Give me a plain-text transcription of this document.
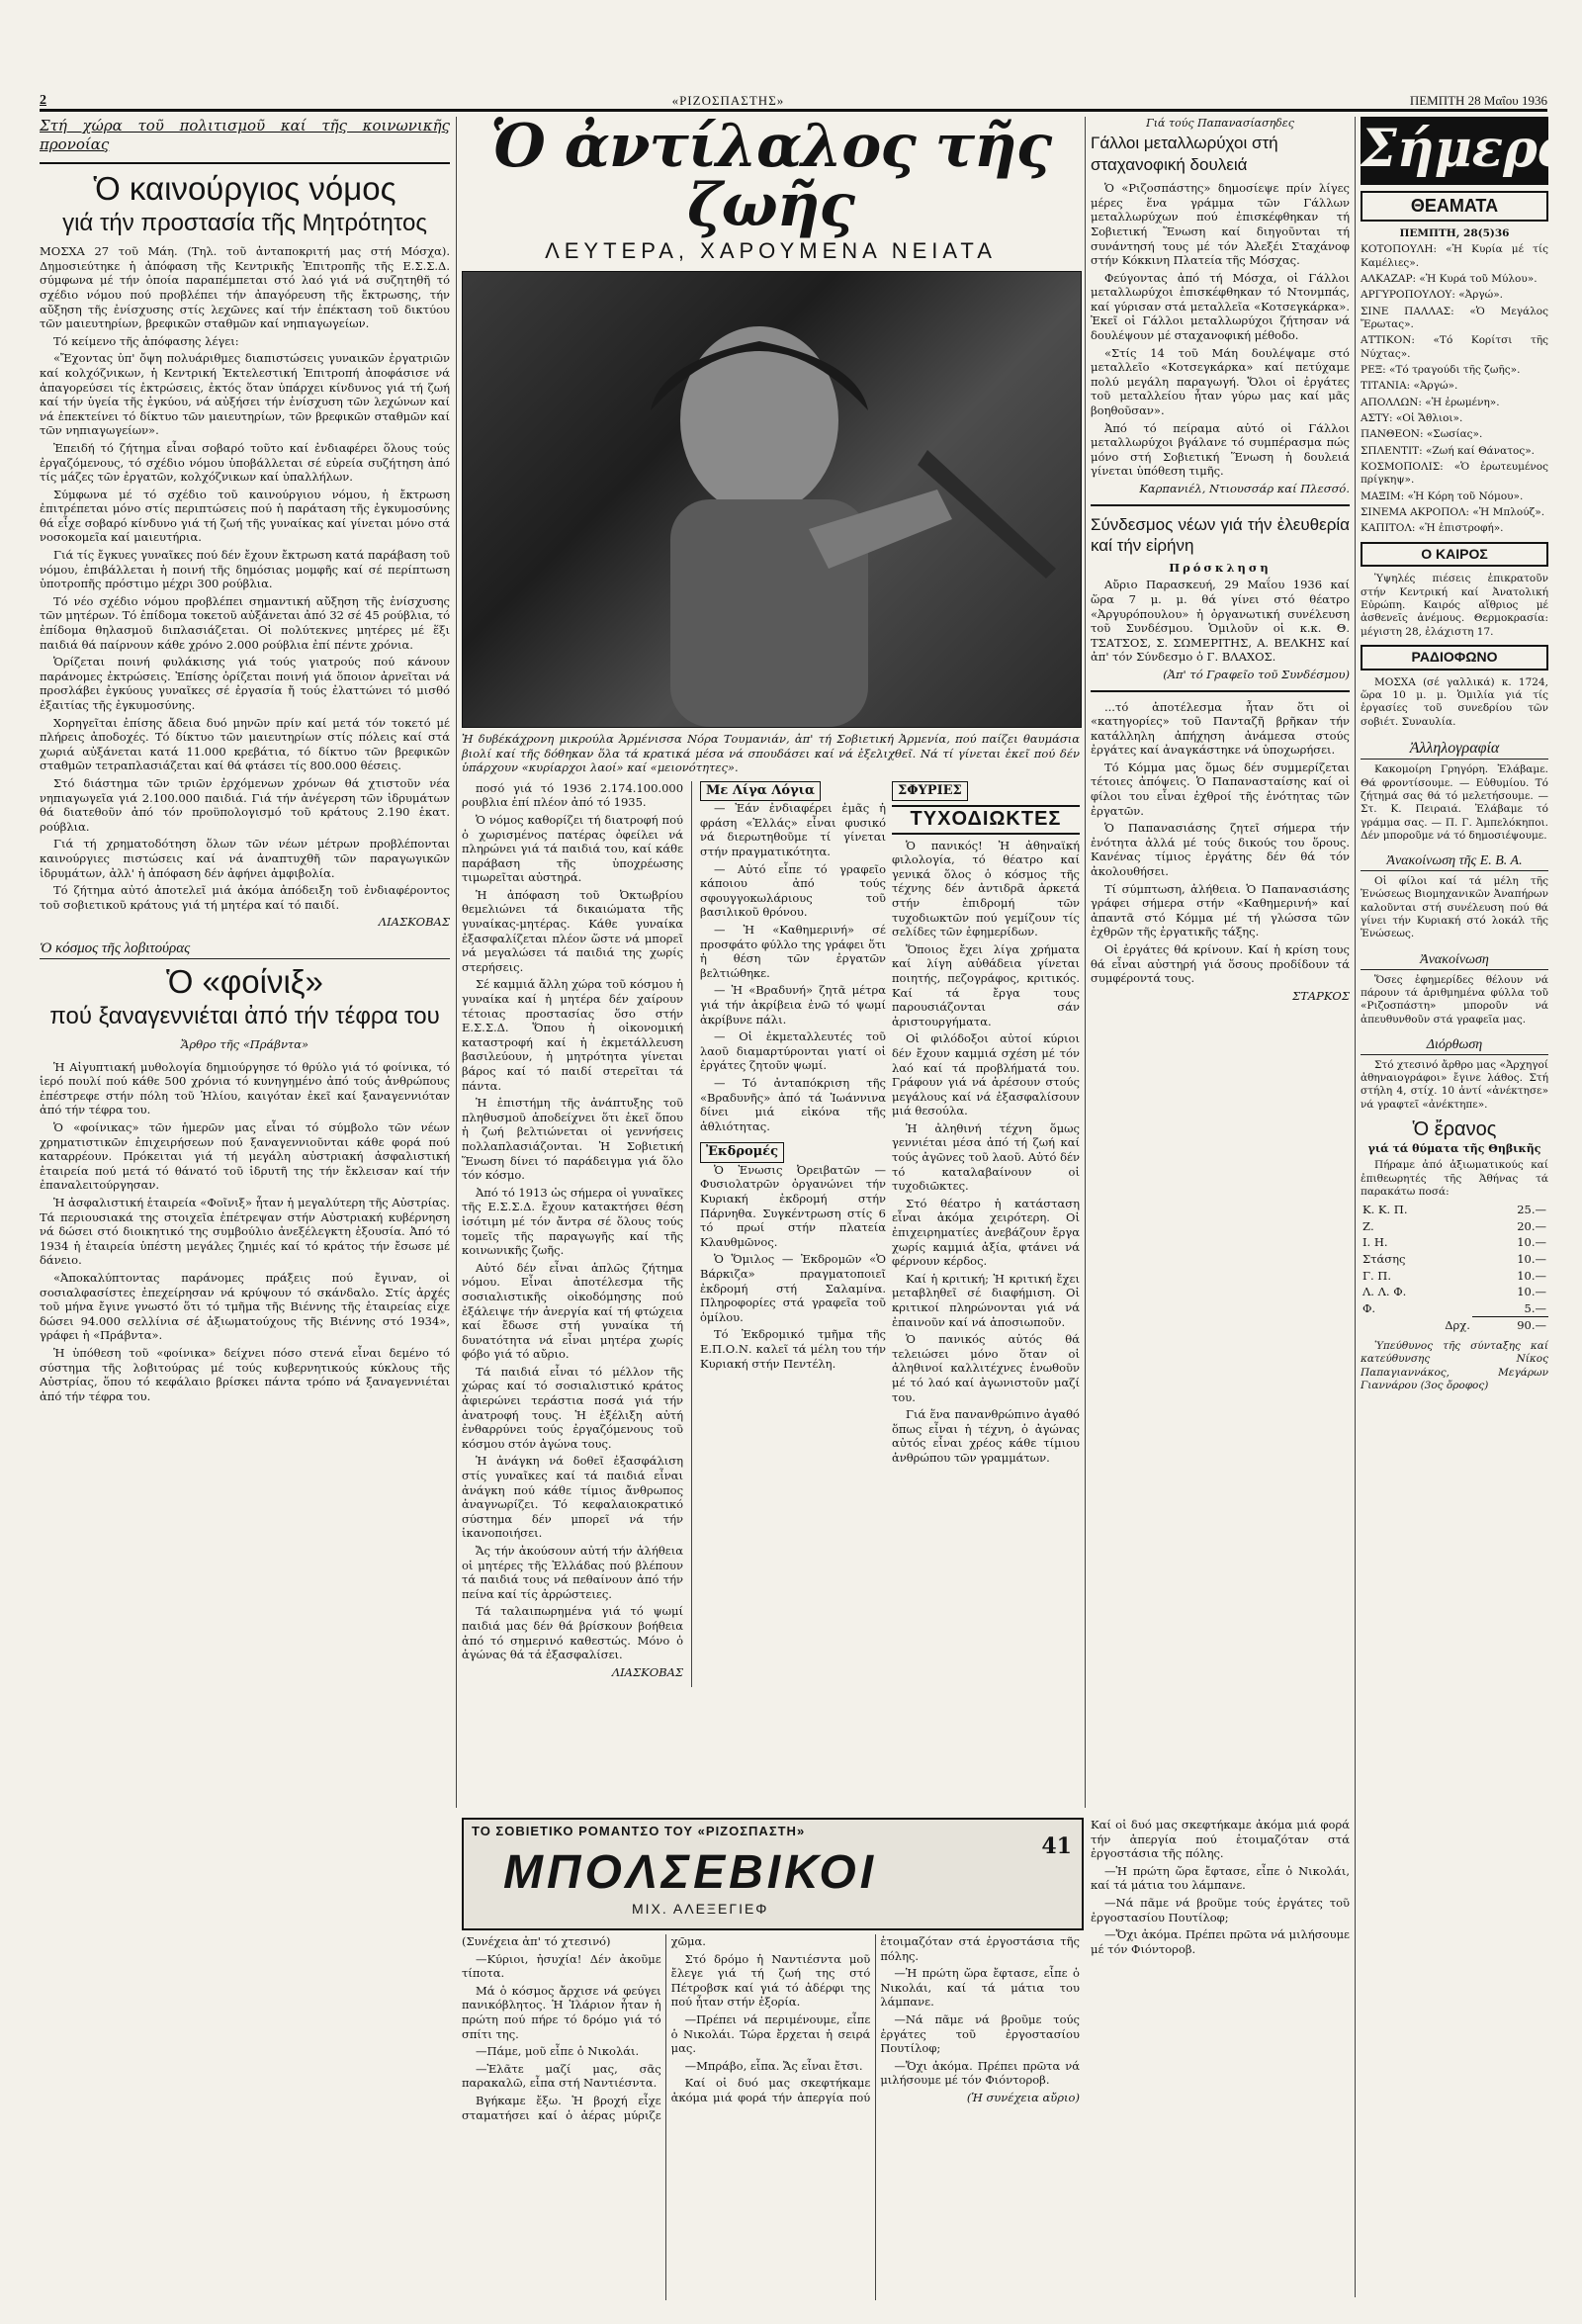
2	«ΡΙΖΟΣΠΑΣΤΗΣ»	ΠΕΜΠΤΗ 28 Μαΐου 1936
Στή χώρα τοῦ πολιτισμοῦ καί τῆς κοινωνικῆς προνοίας
Ὁ καινούργιος νόμος
γιά τήν προστασία τῆς Μητρότητος

ΜΟΣΧΑ 27 τοῦ Μάη. (Τηλ. τοῦ ἀνταποκριτή μας στή Μόσχα). Δημοσιεύτηκε ἡ ἀπόφαση τῆς Κεντρικῆς Ἐπιτροπῆς τῆς Ε.Σ.Σ.Δ. σύμφωνα μέ τήν ὁποία παραπέμπεται στό λαό γιά νά συζητηθῆ τό σχέδιο νόμου πού προβλέπει τήν ἀπαγόρευση τῆς ἔκτρωσης, τήν αὔξηση τῆς ἐνίσχυσης στίς λεχῶνες καί τήν ἐπέκταση τοῦ δικτύου τῶν μαιευτηρίων, βρεφικῶν σταθμῶν καί νηπιαγωγείων.

Τό κείμενο τῆς ἀπόφασης λέγει:

«Ἔχοντας ὑπ' ὄψη πολυάριθμες διαπιστώσεις γυναικῶν ἐργατριῶν καί κολχόζνικων, ἡ Κεντρική Ἐκτελεστική Ἐπιτροπή ἀποφάσισε νά ἀπαγορεύσει τίς ἐκτρώσεις, ἐκτός ὅταν ὑπάρχει κίνδυνος γιά τή ζωή καί τήν ὑγεία τῆς ἐγκύου, νά αὐξήσει τήν ἐνίσχυση τῶν λεχώνων καί νά ἐπεκτείνει τό δίκτυο τῶν μαιευτηρίων, τῶν βρεφικῶν σταθμῶν καί τῶν νηπιαγωγείων».

Ἐπειδή τό ζήτημα εἶναι σοβαρό τοῦτο καί ἐνδιαφέρει ὅλους τούς ἐργαζόμενους, τό σχέδιο νόμου ὑποβάλλεται σέ εὐρεία συζήτηση ἀπό τίς μάζες τῶν ἐργατῶν, κολχόζνικων καί ὑπαλλήλων.

Σύμφωνα μέ τό σχέδιο τοῦ καινούργιου νόμου, ἡ ἔκτρωση ἐπιτρέπεται μόνο στίς περιπτώσεις πού ἡ παράταση τῆς ἐγκυμοσύνης θά εἶχε σοβαρό κίνδυνο γιά τή ζωή τῆς γυναίκας καί γίνεται μόνο στά νοσοκομεῖα καί μαιευτήρια.

Γιά τίς ἔγκυες γυναῖκες πού δέν ἔχουν ἔκτρωση κατά παράβαση τοῦ νόμου, ἐπιβάλλεται ἡ ποινή τῆς δημόσιας μομφῆς καί σέ περίπτωση ὑποτροπῆς πρόστιμο μέχρι 300 ρούβλια.

Τό νέο σχέδιο νόμου προβλέπει σημαντική αὔξηση τῆς ἐνίσχυσης τῶν μητέρων. Τό ἐπίδομα τοκετοῦ αὐξάνεται ἀπό 32 σέ 45 ρούβλια, τό ἐπίδομα θηλασμοῦ διπλασιάζεται. Οἱ πολύτεκνες μητέρες μέ ἕξι παιδιά θά παίρνουν κάθε χρόνο 2.000 ρούβλια ἐπί πέντε χρόνια.

Ὁρίζεται ποινή φυλάκισης γιά τούς γιατρούς πού κάνουν παράνομες ἐκτρώσεις. Ἐπίσης ὁρίζεται ποινή γιά ὅποιον ἀρνεῖται νά προσλάβει ἐγκύους γυναῖκες σέ ἐργασία ἤ τούς ἐλαττώνει τό μισθό ἐξαιτίας τῆς ἐγκυμοσύνης.

Χορηγεῖται ἐπίσης ἄδεια δυό μηνῶν πρίν καί μετά τόν τοκετό μέ πλήρεις ἀποδοχές. Τό δίκτυο τῶν μαιευτηρίων στίς πόλεις καί στά χωριά αὐξάνεται κατά 11.000 κρεβάτια, τό δίκτυο τῶν βρεφικῶν σταθμῶν τετραπλασιάζεται καί θά φτάσει τίς 800.000 θέσεις.

Στό διάστημα τῶν τριῶν ἐρχόμενων χρόνων θά χτιστοῦν νέα νηπιαγωγεῖα γιά 2.100.000 παιδιά. Γιά τήν ἀνέγερση τῶν ἱδρυμάτων θά διατεθοῦν ἀπό τόν προϋπολογισμό τοῦ κράτους 2.190 ἑκατ. ρούβλια.

Γιά τή χρηματοδότηση ὅλων τῶν νέων μέτρων προβλέπονται καινούργιες πιστώσεις καί νά ἀναπτυχθῆ τῶν παραγωγικῶν ἱδρυμάτων, ἀλλ' ἡ ἀπόφαση δέν ἀφήνει ἀμφιβολία.

Τό ζήτημα αὐτό ἀποτελεῖ μιά ἀκόμα ἀπόδειξη τοῦ ἐνδιαφέροντος τοῦ σοβιετικοῦ κράτους γιά τή μητέρα καί τό παιδί.

ΛΙΑΣΚΟΒΑΣ
Ὁ κόσμος τῆς λοβιτούρας
Ὁ «φοίνιξ»
πού ξαναγεννιέται ἀπό τήν τέφρα του
Ἄρθρο τῆς «Πράβντα»

Ἡ Αἰγυπτιακή μυθολογία δημιούργησε τό θρύλο γιά τό φοίνικα, τό ἱερό πουλί πού κάθε 500 χρόνια τό κυνηγημένο ἀπό τούς ἀνθρώπους ἐπέστρεφε στήν πόλη τοῦ Ἡλίου, καιγόταν ἐκεῖ καί ξαναγεννιόταν ἀπό τήν τέφρα του.

Ὁ «φοίνικας» τῶν ἡμερῶν μας εἶναι τό σύμβολο τῶν νέων χρηματιστικῶν ἐπιχειρήσεων πού ξαναγεννιοῦνται κάθε φορά πού καταρρέουν. Πρόκειται γιά τή μεγάλη αὐστριακή ἀσφαλιστική ἑταιρεία πού μετά τό θάνατό τοῦ ἱδρυτῆ της τήν ἔκλεισαν καί τήν ἐπαναλειτούργησαν.

Ἡ ἀσφαλιστική ἑταιρεία «Φοῖνιξ» ἦταν ἡ μεγαλύτερη τῆς Αὐστρίας. Τά περιουσιακά της στοιχεῖα ἐπέτρεψαν στήν Αὐστριακή κυβέρνηση νά δώσει στό διοικητικό της συμβούλιο ἀνεξέλεγκτη ἐξουσία. Ἀπό τό 1934 ἡ ἑταιρεία ὑπέστη μεγάλες ζημιές καί τό κράτος τήν ἔσωσε μέ δάνειο.

«Ἀποκαλύπτοντας παράνομες πράξεις πού ἔγιναν, οἱ σοσιαλφασίστες ἐπεχείρησαν νά κρύψουν τό σκάνδαλο. Στίς ἀρχές τοῦ μήνα ἔγινε γνωστό ὅτι τό τμῆμα τῆς Βιέννης τῆς ἑταιρείας εἶχε δώσει 94.000 σελλίνια σέ ἀξιωματούχους τῆς Βιέννης στό 1934», γράφει ἡ «Πράβντα».

Ἡ ὑπόθεση τοῦ «φοίνικα» δείχνει πόσο στενά εἶναι δεμένο τό σύστημα τῆς λοβιτούρας μέ τούς κυβερνητικούς κύκλους τῆς Αὐστρίας, ὅπου τό κεφάλαιο βρίσκει πάντα τρόπο νά ξαναγεννιέται ἀπό τήν τέφρα του.

Ὁ ἀντίλαλος τῆς ζωῆς
ΛΕΥΤΕΡΑ, ΧΑΡΟΥΜΕΝΑ ΝΕΙΑΤΑ
Ἡ δυβέκάχρονη μικρούλα Ἀρμένισσα Νόρα Τουμανιάν, ἀπ' τή Σοβιετική Ἀρμενία, πού παίζει θαυμάσια βιολί καί τῆς δόθηκαν ὅλα τά κρατικά μέσα νά σπουδάσει καί νά ἐξελιχθεῖ. Νά τί γίνεται ἐκεῖ πού δέν ὑπάρχουν «κυρίαρχοι λαοί» καί «μειονότητες».

ποσό γιά τό 1936 2.174.100.000 ρουβλια ἐπί πλέον ἀπό τό 1935.

Ὁ νόμος καθορίζει τή διατροφή πού ὀ χωρισμένος πατέρας ὀφείλει νά πληρώνει γιά τά παιδιά του, καί κάθε παράβαση τῆς ὑποχρέωσης τιμωρεῖται αὐστηρά.

Ἡ ἀπόφαση τοῦ Ὀκτωβρίου θεμελιώνει τά δικαιώματα τῆς γυναίκας-μητέρας. Κάθε γυναίκα ἐξασφαλίζεται πλέον ὥστε νά μπορεῖ νά μεγαλώσει τά παιδιά της χωρίς στερήσεις.

Σέ καμμιά ἄλλη χώρα τοῦ κόσμου ἡ γυναίκα καί ἡ μητέρα δέν χαίρουν τέτοιας προστασίας ὅσο στήν Ε.Σ.Σ.Δ. Ὅπου ἡ οἰκονομική καταστροφή καί ἡ ἐκμετάλλευση βασιλεύουν, ἡ μητρότητα γίνεται βάρος καί τό παιδί στερεῖται τά πάντα.

Ἡ ἐπιστήμη τῆς ἀνάπτυξης τοῦ πληθυσμοῦ ἀποδείχνει ὅτι ἐκεῖ ὅπου ἡ ζωή βελτιώνεται οἱ γεννήσεις πολλαπλασιάζονται. Ἡ Σοβιετική Ἕνωση δίνει τό παράδειγμα γιά ὅλο τόν κόσμο.

Ἀπό τό 1913 ὡς σήμερα οἱ γυναῖκες τῆς Ε.Σ.Σ.Δ. ἔχουν κατακτήσει θέση ἰσότιμη μέ τόν ἄντρα σέ ὅλους τούς τομεῖς τῆς παραγωγῆς καί τῆς κοινωνικῆς ζωῆς.

Αὐτό δέν εἶναι ἁπλῶς ζήτημα νόμου. Εἶναι ἀποτέλεσμα τῆς σοσιαλιστικῆς οἰκοδόμησης πού ἐξάλειψε τήν ἀνεργία καί τή φτώχεια καί ἔδωσε στή γυναίκα τή δυνατότητα νά εἶναι μητέρα χωρίς φόβο γιά τό αὔριο.

Τά παιδιά εἶναι τό μέλλον τῆς χώρας καί τό σοσιαλιστικό κράτος ἀφιερώνει τεράστια ποσά γιά τήν ἀνατροφή τους. Ἡ ἐξέλιξη αὐτή ἐνθαρρύνει τούς ἐργαζόμενους τοῦ κόσμου στόν ἀγώνα τους.

Ἡ ἀνάγκη νά δοθεῖ ἐξασφάλιση στίς γυναῖκες καί τά παιδιά εἶναι ἀνάγκη πού κάθε τίμιος ἄνθρωπος ἀναγνωρίζει. Τό κεφαλαιοκρατικό σύστημα δέν μπορεῖ νά τήν ἱκανοποιήσει.

Ἄς τήν ἀκούσουν αὐτή τήν ἀλήθεια οἱ μητέρες τῆς Ἑλλάδας πού βλέπουν τά παιδιά τους νά πεθαίνουν ἀπό τήν πείνα καί τίς ἀρρώστειες.

Τά ταλαιπωρημένα γιά τό ψωμί παιδιά μας δέν θά βρίσκουν βοήθεια ἀπό τό σημερινό καθεστώς. Μόνο ὁ ἀγώνας θά τά ἐξασφαλίσει.

ΛΙΑΣΚΟΒΑΣ
Με Λίγα Λόγια

— Ἐάν ἐνδιαφέρει ἐμᾶς ἡ φράση «Ἑλλάς» εἶναι φυσικό νά διερωτηθοῦμε τί γίνεται στήν πραγματικότητα.

— Αὐτό εἶπε τό γραφεῖο κάποιου ἀπό τούς σφουγγοκωλάριους τοῦ βασιλικοῦ θρόνου.

— Ἡ «Καθημερινή» σέ προσφάτο φύλλο της γράφει ὅτι ἡ θέση τῶν ἐργατῶν βελτιώθηκε.

— Ἡ «Βραδυνή» ζητᾶ μέτρα γιά τήν ἀκρίβεια ἐνῶ τό ψωμί ἀκρίβυνε πάλι.

— Οἱ ἐκμεταλλευτές τοῦ λαοῦ διαμαρτύρονται γιατί οἱ ἐργάτες ζητοῦν ψωμί.

— Τό ἀνταπόκριση τῆς «Βραδυνῆς» ἀπό τά Ἰωάννινα δίνει μιά εἰκόνα τῆς ἀθλιότητας.

Ἐκδρομές

Ὁ Ἑνωσις Ὀρειβατῶν — Φυσιολατρῶν ὀργανώνει τήν Κυριακή ἐκδρομή στήν Πάρνηθα. Συγκέντρωση στίς 6 τό πρωί στήν πλατεία Κλαυθμῶνος.

Ὁ Ὅμιλος — Ἐκδρομῶν «Ὁ Βάρκιζα» πραγματοποιεῖ ἐκδρομή στή Σαλαμίνα. Πληροφορίες στά γραφεῖα τοῦ ὁμίλου.

Τό Ἐκδρομικό τμῆμα τῆς Ε.Π.Ο.Ν. καλεῖ τά μέλη του τήν Κυριακή στήν Πεντέλη.

ΣΦΥΡΙΕΣ
ΤΥΧΟΔΙΩΚΤΕΣ

Ὁ πανικός! Ἡ ἀθηναϊκή φιλολογία, τό θέατρο καί γενικά ὅλος ὁ κόσμος τῆς τέχνης δέν ἀντιδρᾶ ἀρκετά στήν ἐπιδρομή τῶν τυχοδιωκτῶν πού γεμίζουν τίς σελίδες τῶν ἐφημερίδων.

Ὅποιος ἔχει λίγα χρήματα καί λίγη αὐθάδεια γίνεται ποιητής, πεζογράφος, κριτικός. Καί τά ἔργα τους παρουσιάζονται σάν ἀριστουργήματα.

Οἱ φιλόδοξοι αὐτοί κύριοι δέν ἔχουν καμμιά σχέση μέ τόν λαό καί τά προβλήματά του. Γράφουν γιά νά ἀρέσουν στούς μεγάλους καί νά ἐξασφαλίσουν μιά θεσούλα.

Ἡ ἀληθινή τέχνη ὅμως γεννιέται μέσα ἀπό τή ζωή καί τούς ἀγῶνες τοῦ λαοῦ. Αὐτό δέν τό καταλαβαίνουν οἱ τυχοδιῶκτες.

Στό θέατρο ἡ κατάσταση εἶναι ἀκόμα χειρότερη. Οἱ ἐπιχειρηματίες ἀνεβάζουν ἔργα χωρίς καμμιά ἀξία, φτάνει νά φέρνουν κέρδος.

Καί ἡ κριτική; Ἡ κριτική ἔχει μεταβληθεῖ σέ διαφήμιση. Οἱ κριτικοί πληρώνονται γιά νά ἐπαινοῦν καί νά ἀποσιωποῦν.

Ὁ πανικός αὐτός θά τελειώσει μόνο ὅταν οἱ ἀληθινοί καλλιτέχνες ἑνωθοῦν μέ τό λαό καί ἀγωνιστοῦν μαζί του.

Γιά ἕνα πανανθρώπινο ἀγαθό ὅπως εἶναι ἡ τέχνη, ὁ ἀγώνας αὐτός εἶναι χρέος κάθε τίμιου ἀνθρώπου τῶν γραμμάτων.

Γιά τούς Παπανασίασηδες
Γάλλοι μεταλλωρύχοι στή σταχανοφική δουλειά

Ὁ «Ριζοσπάστης» δημοσίεψε πρίν λίγες μέρες ἕνα γράμμα τῶν Γάλλων μεταλλωρύχων πού ἐπισκέφθηκαν τή Σοβιετική Ἕνωση καί διηγοῦνται τή συνάντησή τους μέ τόν Ἀλεξέι Σταχάνοφ στήν Κόκκινη Πλατεία τῆς Μόσχας.

Φεύγοντας ἀπό τή Μόσχα, οἱ Γάλλοι μεταλλωρύχοι ἐπισκέφθηκαν τό Ντονμπάς, καί γύρισαν στά μεταλλεῖα «Κοτσεγκάρκα». Ἐκεῖ οἱ Γάλλοι μεταλλωρύχοι ζήτησαν νά δουλέψουν μέ σταχανοφική μέθοδο.

«Στίς 14 τοῦ Μάη δουλέψαμε στό μεταλλεῖο «Κοτσεγκάρκα» καί πετύχαμε πολύ μεγάλη παραγωγή. Ὅλοι οἱ ἐργάτες τοῦ μεταλλείου ἦταν γύρω μας καί μᾶς βοηθοῦσαν».

Ἀπό τό πείραμα αὐτό οἱ Γάλλοι μεταλλωρύχοι βγάλανε τό συμπέρασμα πώς μόνο στή Σοβιετική Ἕνωση ἡ δουλειά γίνεται ὑπόθεση τιμῆς.

Καρπανιέλ, Ντιουσσάρ καί Πλεσσό.

Σύνδεσμος νέων γιά τήν ἐλευθερία καί τήν εἰρήνη
Πρόσκληση

Αὔριο Παρασκευή, 29 Μαΐου 1936 καί ὥρα 7 μ. μ. θά γίνει στό θέατρο «Ἀργυρόπουλου» ἡ ὀργανωτική συνέλευση τοῦ Συνδέσμου. Ὁμιλοῦν οἱ κ.κ. Θ. ΤΣΑΤΣΟΣ, Σ. ΣΩΜΕΡΙΤΗΣ, Α. ΒΕΛΚΗΣ καί ἀπ' τόν Σύνδεσμο ὁ Γ. ΒΛΑΧΟΣ.

(Ἀπ' τό Γραφεῖο τοῦ Συνδέσμου)

...τό ἀποτέλεσμα ἦταν ὅτι οἱ «κατηγορίες» τοῦ Πανταζῆ βρῆκαν τήν κατάλληλη ἀπήχηση ἀνάμεσα στούς ἐργάτες καί ἀναγκάστηκε νά ὑποχωρήσει.

Τό Κόμμα μας ὅμως δέν συμμερίζεται τέτοιες ἀπόψεις. Ὁ Παπανασταίσης καί οἱ φίλοι του εἶναι ἐχθροί τῆς ἑνότητας τῶν ἐργατῶν.

Ὁ Παπανασιάσης ζητεῖ σήμερα τήν ἐνότητα ἀλλά μέ τούς δικούς του ὅρους. Κανένας τίμιος ἐργάτης δέν θά τόν ἀκολουθήσει.

Τί σύμπτωση, ἀλήθεια. Ὁ Παπανασιάσης γράφει σήμερα στήν «Καθημερινή» καί ἀπαντᾶ στό Κόμμα μέ τή γλώσσα τῶν ἐχθρῶν τῆς ἐργατικῆς τάξης.

Οἱ ἐργάτες θά κρίνουν. Καί ἡ κρίση τους θά εἶναι αὐστηρή γιά ὅσους προδίδουν τά συμφέροντά τους.

ΣΤΑΡΚΟΣ
Σήμερα
ΘΕΑΜΑΤΑ
ΠΕΜΠΤΗ, 28(5)36

ΚΟΤΟΠΟΥΛΗ: «Ἡ Κυρία μέ τίς Καμέλιες».

ΑΛΚΑΖΑΡ: «Ἡ Κυρά τοῦ Μύλου».

ΑΡΓΥΡΟΠΟΥΛΟΥ: «Ἀργώ».

ΣΙΝΕ ΠΑΛΛΑΣ: «Ὁ Μεγάλος Ἔρωτας».

ΑΤΤΙΚΟΝ: «Τό Κορίτσι τῆς Νύχτας».

ΡΕΞ: «Τό τραγούδι τῆς ζωῆς».

ΤΙΤΑΝΙΑ: «Ἀργώ».

ΑΠΟΛΛΩΝ: «Ἡ ἐρωμένη».

ΑΣΤΥ: «Οἱ Ἄθλιοι».

ΠΑΝΘΕΟΝ: «Σωσίας».

ΣΠΛΕΝΤΙΤ: «Ζωή καί Θάνατος».

ΚΟΣΜΟΠΟΛΙΣ: «Ὁ ἐρωτευμένος πρίγκηψ».

ΜΑΞΙΜ: «Ἡ Κόρη τοῦ Νόμου».

ΣΙΝΕΜΑ ΑΚΡΟΠΟΛ: «Ἡ Μπλούζ».

ΚΑΠΙΤΟΛ: «Ἡ ἐπιστροφή».

Ο ΚΑΙΡΟΣ

Ὑψηλές πιέσεις ἐπικρατοῦν στήν Κεντρική καί Ἀνατολική Εὐρώπη. Καιρός αἴθριος μέ ἀσθενεῖς ἀνέμους. Θερμοκρασία: μέγιστη 28, ἐλάχιστη 17.

ΡΑΔΙΟΦΩΝΟ

ΜΟΣΧΑ (σέ γαλλικά) κ. 1724, ὥρα 10 μ. μ. Ὁμιλία γιά τίς ἐργασίες τοῦ συνεδρίου τῶν σοβιέτ. Συναυλία.

Ἀλληλογραφία

Κακομοίρη Γρηγόρη. Ἐλάβαμε. Θά φροντίσουμε. — Εὐθυμίου. Τό ζήτημά σας θά τό μελετήσουμε. — Στ. Κ. Πειραιά. Ἐλάβαμε τό γράμμα σας. — Π. Γ. Ἀμπελόκηποι. Δέν μποροῦμε νά τό δημοσιέψουμε.

Ἀνακοίνωση τῆς Ε. Β. Α.

Οἱ φίλοι καί τά μέλη τῆς Ἑνώσεως Βιομηχανικῶν Ἀναπήρων καλοῦνται στή συνέλευση πού θά γίνει τήν Κυριακή στό λοκάλ τῆς Ἑνώσεως.

Ἀνακοίνωση

Ὅσες ἐφημερίδες θέλουν νά πάρουν τά ἀριθμημένα φύλλα τοῦ «Ριζοσπάστη» μποροῦν νά ἀπευθυνθοῦν στά γραφεῖα μας.

Διόρθωση

Στό χτεσινό ἄρθρο μας «Ἀρχηγοί ἀθηναιογράφοι» ἔγινε λάθος. Στή στήλη 4, στίχ. 10 ἀντί «ἀνέκτησε» νά γραφτεῖ «ἀνέκτηπε».

Ὁ ἔρανος
γιά τά θύματα τῆς Θηβικῆς

Πήραμε ἀπό ἀξιωματικούς καί ἐπιθεωρητές τῆς Ἀθήνας τά παρακάτω ποσά:

Κ. Κ. Π.	25.—
Ζ.	20.—
Ι. Η.	10.—
Στάσης	10.—
Γ. Π.	10.—
Λ. Λ. Φ.	10.—
Φ.	5.—
Δρχ.	90.—

Ὑπεύθυνος τῆς σύνταξης καί κατεύθυνσης Νίκος Παπαγιαννάκος, Μεγάρων Γιαννάρου (3ος ὄροφος)

ΤΟ ΣΟΒΙΕΤΙΚΟ ΡΟΜΑΝΤΣΟ ΤΟΥ «ΡΙΖΟΣΠΑΣΤΗ»
ΜΠΟΛΣΕΒΙΚΟΙ
ΜΙΧ. ΑΛΕΞΕΓΙΕΦ
41

(Συνέχεια ἀπ' τό χτεσινό)

—Κύριοι, ἡσυχία! Δέν ἀκοῦμε τίποτα.

Μά ὁ κόσμος ἄρχισε νά φεύγει πανικόβλητος. Ἡ Ἰλάριον ἦταν ἡ πρώτη πού πήρε τό δρόμο γιά τό σπίτι της.

—Πάμε, μοῦ εἶπε ὁ Νικολάι.

—Ἐλᾶτε μαζί μας, σᾶς παρακαλῶ, εἶπα στή Ναντιέσντα.

Βγήκαμε ἔξω. Ἡ βροχή εἶχε σταματήσει καί ὁ ἀέρας μύριζε χῶμα.

Στό δρόμο ἡ Ναντιέσντα μοῦ ἔλεγε γιά τή ζωή της στό Πέτροβσκ καί γιά τό ἀδέρφι της πού ἦταν στήν ἐξορία.

—Πρέπει νά περιμένουμε, εἶπε ὁ Νικολάι. Τώρα ἔρχεται ἡ σειρά μας.

—Μπράβο, εἶπα. Ἄς εἶναι ἔτσι.

Καί οἱ δυό μας σκεφτήκαμε ἀκόμα μιά φορά τήν ἀπεργία πού ἑτοιμαζόταν στά ἐργοστάσια τῆς πόλης.

—Ἡ πρώτη ὥρα ἔφτασε, εἶπε ὁ Νικολάι, καί τά μάτια του λάμπανε.

—Νά πᾶμε νά βροῦμε τούς ἐργάτες τοῦ ἐργοστασίου Πουτίλοφ;

—Ὄχι ἀκόμα. Πρέπει πρῶτα νά μιλήσουμε μέ τόν Φιόντοροβ.

(Ἡ συνέχεια αὔριο)

Καί οἱ δυό μας σκεφτήκαμε ἀκόμα μιά φορά τήν ἀπεργία πού ἑτοιμαζόταν στά ἐργοστάσια τῆς πόλης.

—Ἡ πρώτη ὥρα ἔφτασε, εἶπε ὁ Νικολάι, καί τά μάτια του λάμπανε.

—Νά πᾶμε νά βροῦμε τούς ἐργάτες τοῦ ἐργοστασίου Πουτίλοφ;

—Ὄχι ἀκόμα. Πρέπει πρῶτα νά μιλήσουμε μέ τόν Φιόντοροβ.
